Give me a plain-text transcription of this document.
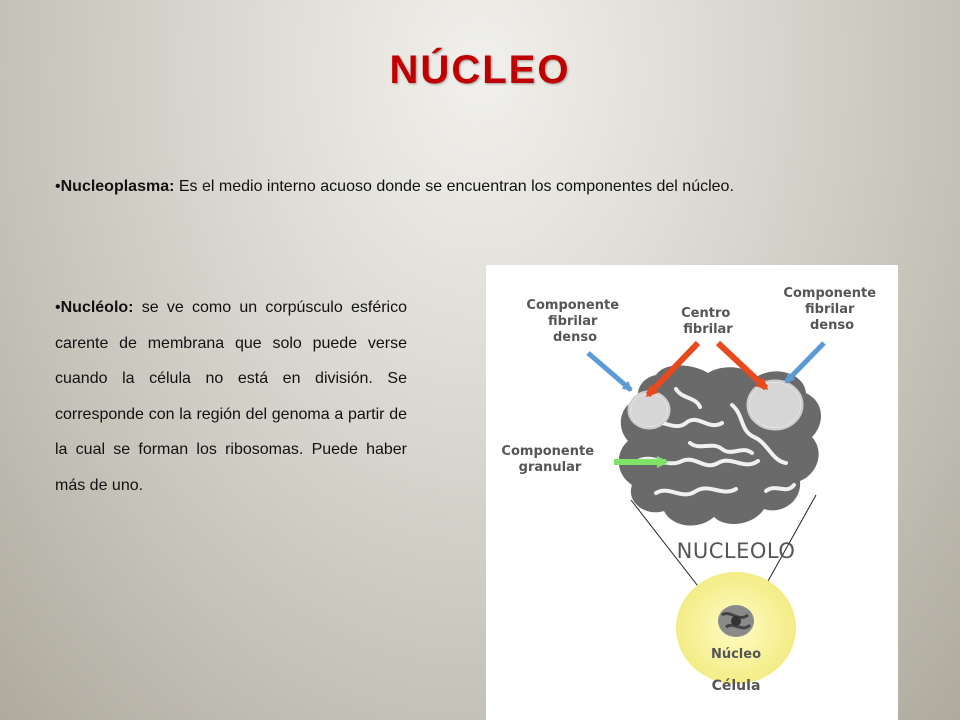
NÚCLEO
•Nucleoplasma: Es el medio interno acuoso donde se encuentran los componentes del núcleo.
•Nucléolo: se ve como un corpúsculo esférico carente de membrana que solo puede verse cuando la célula no está en división. Se corresponde con la región del genoma a partir de la cual se forman los ribosomas. Puede haber más de uno.
Componente fibrilar denso
Centro fibrilar
Componente fibrilar denso
Componente granular
NUCLEOLO
Núcleo
Célula
